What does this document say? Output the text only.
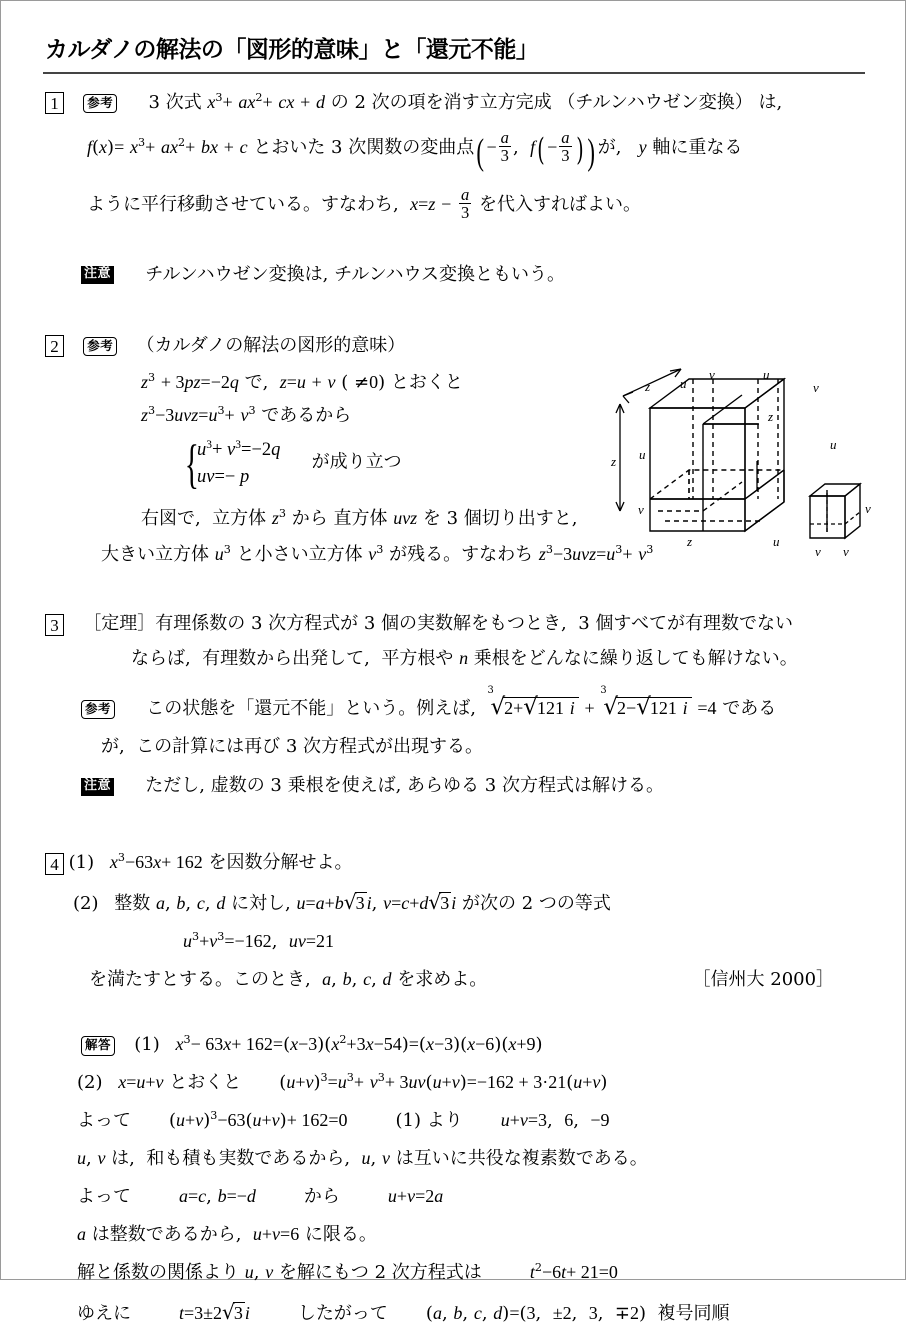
カルダノの解法の「図形的意味」と「還元不能」
1 参考 3 次式 $x^3+ ax^2+$ cx + d の 2 次の項を消す立方完成 （チルンハウゼン変換） は,
$f(x)= x^3+ ax^2+$ bx + c とおいた 3 次関数の変曲点( − $\frac{a}{3}$ ,  $f( - \frac{a}{3}$ ) ) が,   y 軸に重なる
ように平行移動させている。すなわち,  $x=z - \frac{a}{3}$ を代入すればよい。
注意 チルンハウゼン変換は, チルンハウス変換ともいう。
2 参考 （カルダノの解法の図形的意味）
$z^3 + 3pz=-2q$ で,  z=u + v ( ≠0) とおくと
$z^3-3uvz=u^3+ v^3$ であるから
{
$u^3+ v^3=-2q$
uv=− p
が成り立つ
右図で,  立方体 $z^3$ から 直方体 uvz を 3 個切り出すと,
大きい立方体 $u^3$ と小さい立方体 $v^3$ が残る。すなわち $z^3-3uvz=u^3+ v^3$
3 ［定理］有理係数の 3 次方程式が 3 個の実数解をもつとき,  3 個すべてが有理数でない
ならば,  有理数から出発して,  平方根や n 乗根をどんなに繰り返しても解けない。
参考 この状態を「還元不能」という。例えば,
3
√2+√121 i +
3
√2−√121 i =4 である
が,  この計算には再び 3 次方程式が出現する。
注意 ただし, 虚数の 3 乗根を使えば, あらゆる 3 次方程式は解ける。
4 (1) $x^3-63x+ 162$ を因数分解せよ。
(2) 整数 a, b, c, d に対し, u=a+b√3 i, v=c+d√3 i が次の 2 つの等式
$u^3+v^3=-162$,  uv=21
を満たすとする。このとき,  a, b, c, d を求めよ。	［信州大 2000］
解答 (1) $x^3- 63x+ 162=(x-3)(x^2+3x-54)=(x-3)(x-6)(x+9)$
(2) x=u+v とおくと $(u+v)^3=u^3+ v^3+ 3uv(u+v)=-162 + 3\cdot 21(u+v)$
よって $(u+v)^3-63(u+v)+ 162=0$	(1) より u+v=3,  6,  −9
u, v は,  和も積も実数であるから,  u, v は互いに共役な複素数である。
よって	a=c, b=−d	から	u+v=2a
a は整数であるから,  u+v=6 に限る。
解と係数の関係より u, v を解にもつ 2 次方程式は	$t^2-6t+ 21=0$
ゆえに	t=3±2√3 i	したがって (a, b, c, d)=(3,  ±2,  3,  ∓2)  複号同順
z u
v	u
v
z
u
z u
v
z	u
v
v v
